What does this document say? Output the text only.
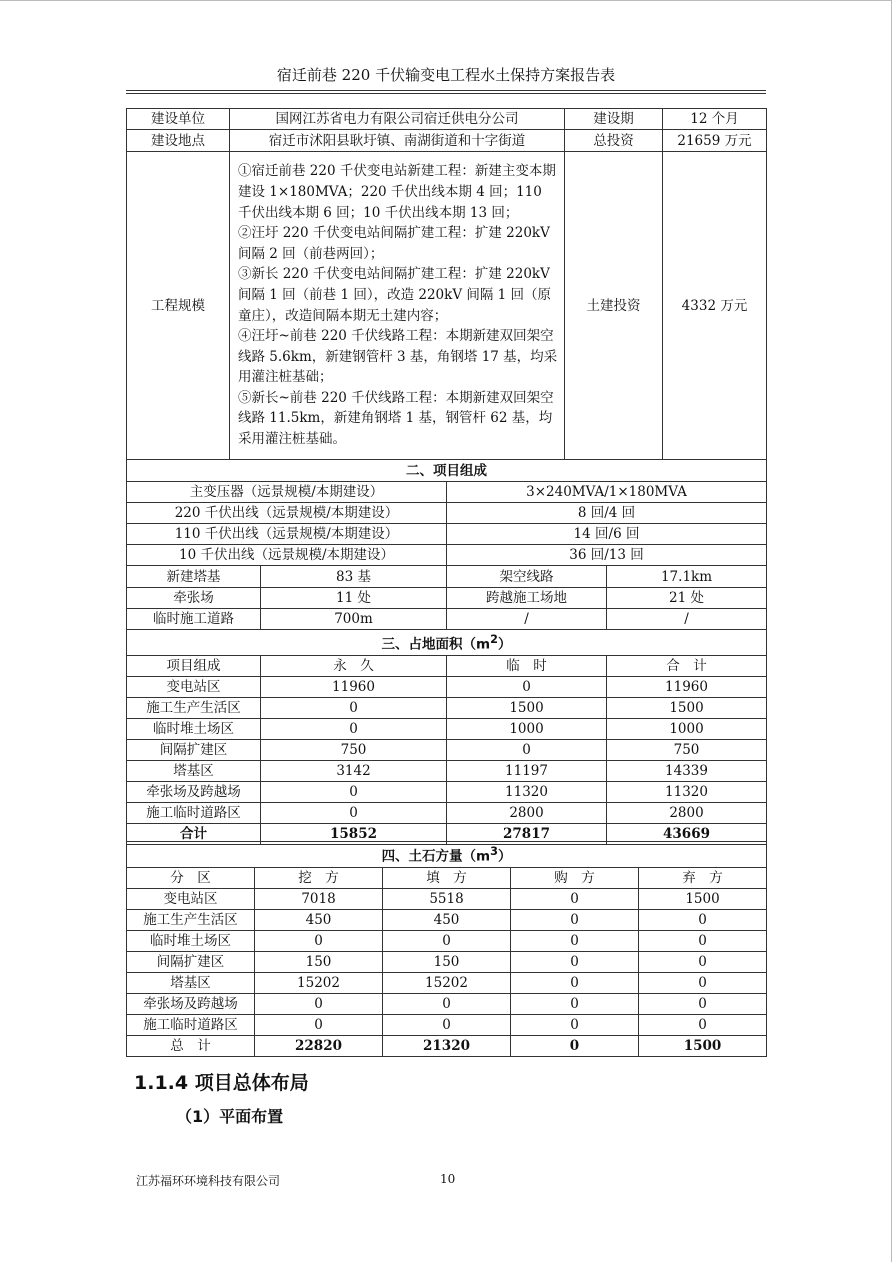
宿迁前巷 220 千伏输变电工程水土保持方案报告表
建设单位	国网江苏省电力有限公司宿迁供电分公司	建设期	12 个月
建设地点	宿迁市沭阳县耿圩镇、南湖街道和十字街道	总投资	21659 万元
工程规模	①宿迁前巷 220 千伏变电站新建工程：新建主变本期建设 1×180MVA；220 千伏出线本期 4 回；110 千伏出线本期 6 回；10 千伏出线本期 13 回；
②汪圩 220 千伏变电站间隔扩建工程：扩建 220kV 间隔 2 回（前巷两回）；
③新长 220 千伏变电站间隔扩建工程：扩建 220kV 间隔 1 回（前巷 1 回），改造 220kV 间隔 1 回（原童庄），改造间隔本期无土建内容；
④汪圩~前巷 220 千伏线路工程：本期新建双回架空线路 5.6km，新建钢管杆 3 基，角钢塔 17 基，均采用灌注桩基础；
⑤新长~前巷 220 千伏线路工程：本期新建双回架空线路 11.5km，新建角钢塔 1 基，钢管杆 62 基，均采用灌注桩基础。	土建投资	4332 万元
二、项目组成	
主变压器（远景规模/本期建设）	3×240MVA/1×180MVA
220 千伏出线（远景规模/本期建设）	8 回/4 回
110 千伏出线（远景规模/本期建设）	14 回/6 回
10 千伏出线（远景规模/本期建设）	36 回/13 回
新建塔基	83 基	架空线路	17.1km
牵张场	11 处	跨越施工场地	21 处
临时施工道路	700m	/	/
三、占地面积$(m^2)$			
项目组成	永　久	临　时	合　计
变电站区	11960	0	11960
施工生产生活区	0	1500	1500
临时堆土场区	0	1000	1000
间隔扩建区	750	0	750
塔基区	3142	11197	14339
牵张场及跨越场	0	11320	11320
施工临时道路区	0	2800	2800
合计	15852	27817	43669
四、土石方量$(m^3)$				
分　区	挖　方	填　方	购　方	弃　方
变电站区	7018	5518	0	1500
施工生产生活区	450	450	0	0
临时堆土场区	0	0	0	0
间隔扩建区	150	150	0	0
塔基区	15202	15202	0	0
牵张场及跨越场	0	0	0	0
施工临时道路区	0	0	0	0
总　计	22820	21320	0	1500
1.1.4 项目总体布局
（1）平面布置
江苏福环环境科技有限公司	10
